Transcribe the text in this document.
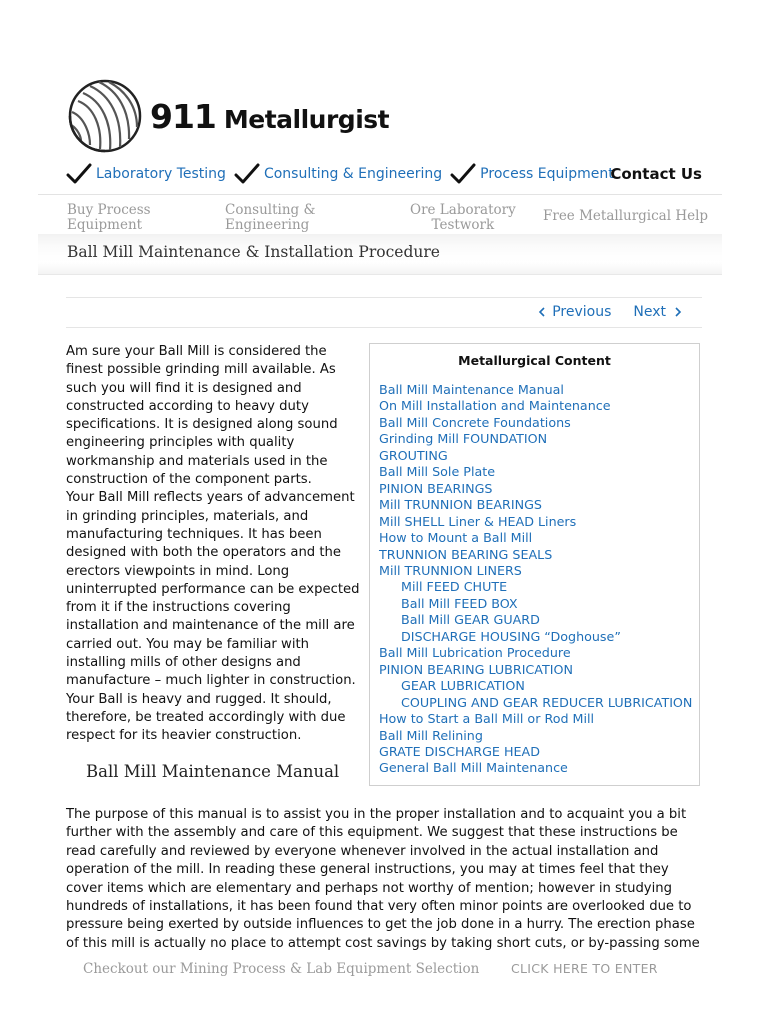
911 Metallurgist
Laboratory Testing	Consulting & Engineering	Process Equipment
Contact Us
Buy Process
Equipment
Consulting &
Engineering
Ore Laboratory
Testwork
Free Metallurgical Help
Ball Mill Maintenance & Installation Procedure
Previous Next

Am sure your Ball Mill is considered the finest possible grinding mill available. As such you will find it is designed and constructed according to heavy duty specifications. It is designed along sound engineering principles with quality workmanship and materials used in the construction of the component parts.

Your Ball Mill reflects years of advancement in grinding principles, materials, and manufacturing techniques. It has been designed with both the operators and the erectors viewpoints in mind. Long uninterrupted performance can be expected from it if the instructions covering installation and maintenance of the mill are carried out. You may be familiar with installing mills of other designs and manufacture – much lighter in construction. Your Ball is heavy and rugged. It should, therefore, be treated accordingly with due respect for its heavier construction.

Metallurgical Content
Ball Mill Maintenance Manual
On Mill Installation and Maintenance
Ball Mill Concrete Foundations
Grinding Mill FOUNDATION
GROUTING
Ball Mill Sole Plate
PINION BEARINGS
Mill TRUNNION BEARINGS
Mill SHELL Liner & HEAD Liners
How to Mount a Ball Mill
TRUNNION BEARING SEALS
Mill TRUNNION LINERS
Mill FEED CHUTE
Ball Mill FEED BOX
Ball Mill GEAR GUARD
DISCHARGE HOUSING “Doghouse”
Ball Mill Lubrication Procedure
PINION BEARING LUBRICATION
GEAR LUBRICATION
COUPLING AND GEAR REDUCER LUBRICATION
How to Start a Ball Mill or Rod Mill
Ball Mill Relining
GRATE DISCHARGE HEAD
General Ball Mill Maintenance
Ball Mill Maintenance Manual

The purpose of this manual is to assist you in the proper installation and to acquaint you a bit further with the assembly and care of this equipment. We suggest that these instructions be read carefully and reviewed by everyone whenever involved in the actual installation and operation of the mill. In reading these general instructions, you may at times feel that they cover items which are elementary and perhaps not worthy of mention; however in studying hundreds of installations, it has been found that very often minor points are overlooked due to pressure being exerted by outside influences to get the job done in a hurry. The erection phase of this mill is actually no place to attempt cost savings by taking short cuts, or by-passing some

Checkout our Mining Process & Lab Equipment Selection	CLICK HERE TO ENTER
